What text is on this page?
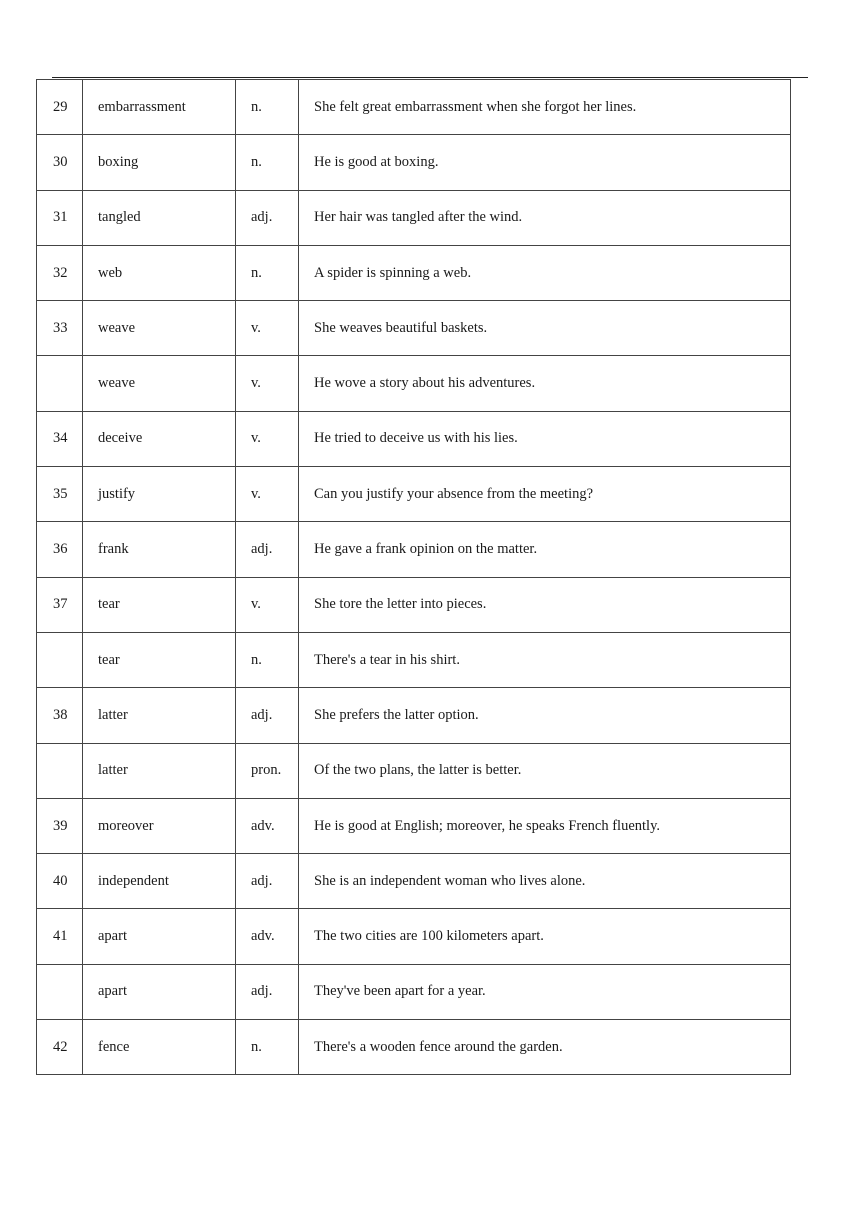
29	embarrassment	n.	She felt great embarrassment when she forgot her lines.
30	boxing	n.	He is good at boxing.
31	tangled	adj.	Her hair was tangled after the wind.
32	web	n.	A spider is spinning a web.
33	weave	v.	She weaves beautiful baskets.
	weave	v.	He wove a story about his adventures.
34	deceive	v.	He tried to deceive us with his lies.
35	justify	v.	Can you justify your absence from the meeting?
36	frank	adj.	He gave a frank opinion on the matter.
37	tear	v.	She tore the letter into pieces.
	tear	n.	There's a tear in his shirt.
38	latter	adj.	She prefers the latter option.
	latter	pron.	Of the two plans, the latter is better.
39	moreover	adv.	He is good at English; moreover, he speaks French fluently.
40	independent	adj.	She is an independent woman who lives alone.
41	apart	adv.	The two cities are 100 kilometers apart.
	apart	adj.	They've been apart for a year.
42	fence	n.	There's a wooden fence around the garden.
